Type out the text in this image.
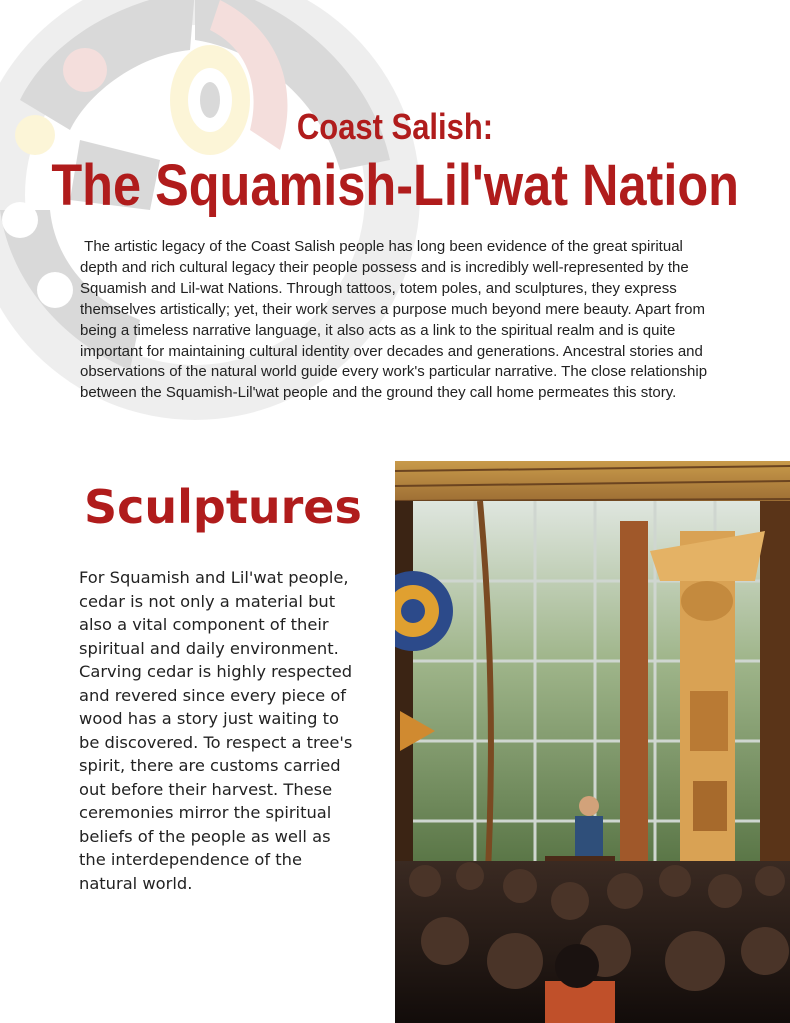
Coast Salish:
The Squamish-Lil'wat Nation

The artistic legacy of the Coast Salish people has long been evidence of the great spiritual depth and rich cultural legacy their people possess and is incredibly well-represented by the Squamish and Lil-wat Nations. Through tattoos, totem poles, and sculptures, they express themselves artistically; yet, their work serves a purpose much beyond mere beauty. Apart from being a timeless narrative language, it also acts as a link to the spiritual realm and is quite important for maintaining cultural identity over decades and generations. Ancestral stories and observations of the natural world guide every work's particular narrative. The close relationship between the Squamish-Lil'wat people and the ground they call home permeates this story.

Sculptures

For Squamish and Lil'wat people, cedar is not only a material but also a vital component of their spiritual and daily environment. Carving cedar is highly respected and revered since every piece of wood has a story just waiting to be discovered. To respect a tree's spirit, there are customs carried out before their harvest. These ceremonies mirror the spiritual beliefs of the people as well as the interdependence of the natural world.
